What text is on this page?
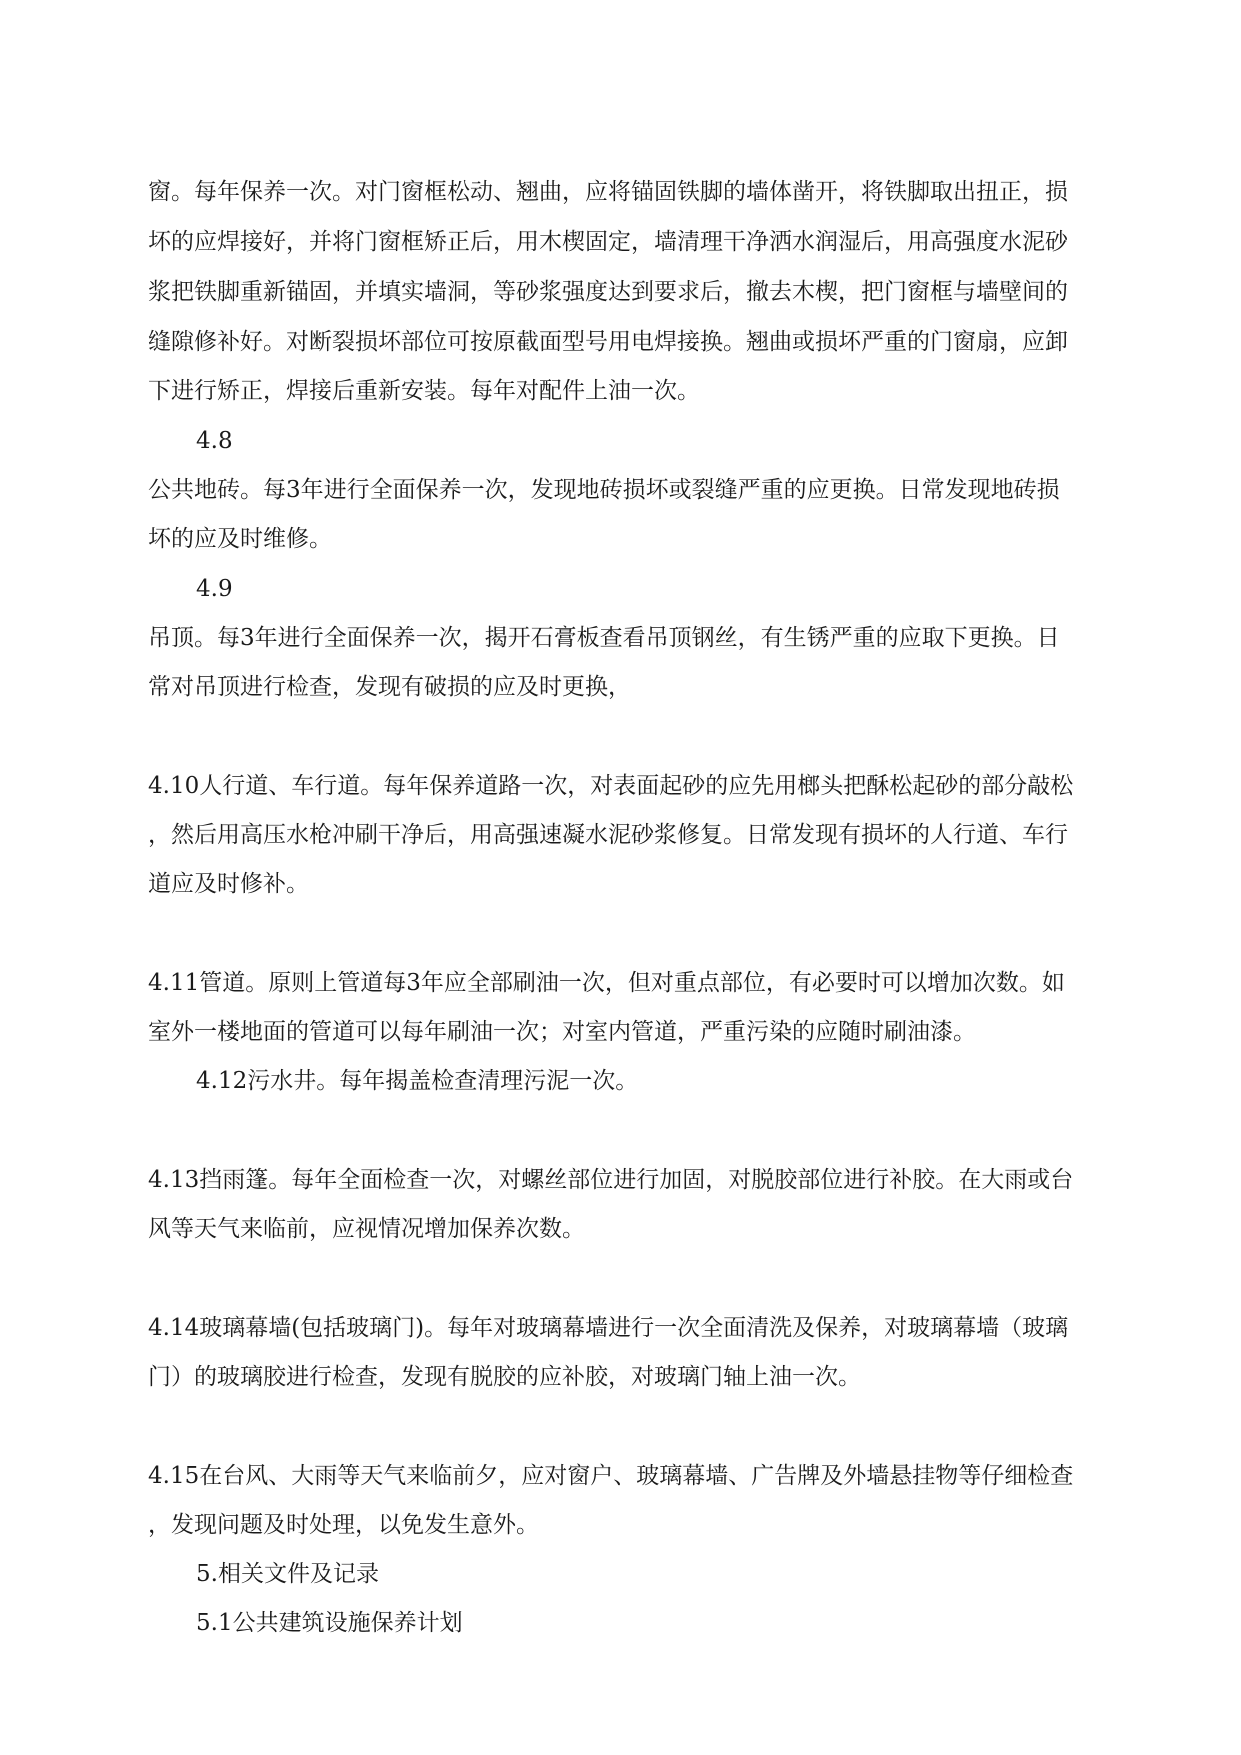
窗。每年保养一次。对门窗框松动、翘曲，应将锚固铁脚的墙体凿开，将铁脚取出扭正，损
坏的应焊接好，并将门窗框矫正后，用木楔固定，墙清理干净洒水润湿后，用高强度水泥砂
浆把铁脚重新锚固，并填实墙洞，等砂浆强度达到要求后，撤去木楔，把门窗框与墙壁间的
缝隙修补好。对断裂损坏部位可按原截面型号用电焊接换。翘曲或损坏严重的门窗扇，应卸
下进行矫正，焊接后重新安装。每年对配件上油一次。
4.8
公共地砖。每3年进行全面保养一次，发现地砖损坏或裂缝严重的应更换。日常发现地砖损
坏的应及时维修。
4.9
吊顶。每3年进行全面保养一次，揭开石膏板查看吊顶钢丝，有生锈严重的应取下更换。日
常对吊顶进行检查，发现有破损的应及时更换，
4.10人行道、车行道。每年保养道路一次，对表面起砂的应先用榔头把酥松起砂的部分敲松
，然后用高压水枪冲刷干净后，用高强速凝水泥砂浆修复。日常发现有损坏的人行道、车行
道应及时修补。
4.11管道。原则上管道每3年应全部刷油一次，但对重点部位，有必要时可以增加次数。如
室外一楼地面的管道可以每年刷油一次；对室内管道，严重污染的应随时刷油漆。
4.12污水井。每年揭盖检查清理污泥一次。
4.13挡雨篷。每年全面检查一次，对螺丝部位进行加固，对脱胶部位进行补胶。在大雨或台
风等天气来临前，应视情况增加保养次数。
4.14玻璃幕墙(包括玻璃门)。每年对玻璃幕墙进行一次全面清洗及保养，对玻璃幕墙（玻璃
门）的玻璃胶进行检查，发现有脱胶的应补胶，对玻璃门轴上油一次。
4.15在台风、大雨等天气来临前夕，应对窗户、玻璃幕墙、广告牌及外墙悬挂物等仔细检查
，发现问题及时处理，以免发生意外。
5.相关文件及记录
5.1公共建筑设施保养计划
